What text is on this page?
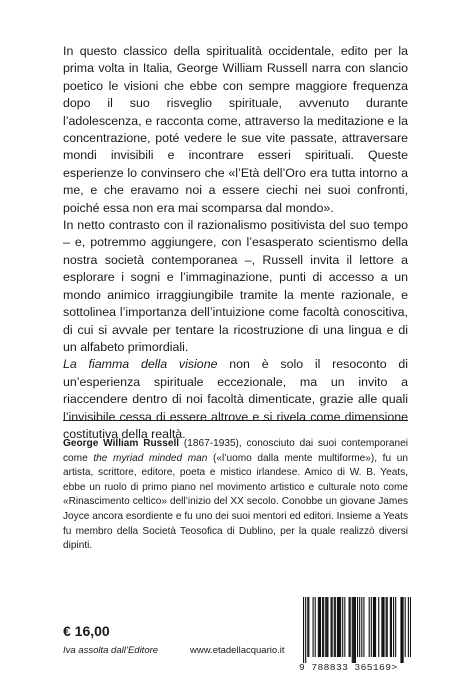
In questo classico della spiritualità occidentale, edito per la prima volta in Italia, George William Russell narra con slancio poetico le visioni che ebbe con sempre maggiore frequenza dopo il suo risveglio spirituale, avvenuto durante l’adolescenza, e racconta come, attraverso la meditazione e la concentrazione, poté vedere le sue vite passate, attraversare mondi invisibili e incontrare esseri spirituali. Queste esperienze lo convinsero che «l’Età dell’Oro era tutta intorno a me, e che eravamo noi a essere ciechi nei suoi confronti, poiché essa non era mai scomparsa dal mondo».

In netto contrasto con il razionalismo positivista del suo tempo – e, potremmo aggiungere, con l’esasperato scientismo della nostra società contemporanea –, Russell invita il lettore a esplorare i sogni e l’immaginazione, punti di accesso a un mondo animico irraggiungibile tramite la mente razionale, e sottolinea l’importanza dell’intuizione come facoltà conoscitiva, di cui si avvale per tentare la ricostruzione di una lingua e di un alfabeto primordiali.

La fiamma della visione non è solo il resoconto di un’esperienza spirituale eccezionale, ma un invito a riaccendere dentro di noi facoltà dimenticate, grazie alle quali l’invisibile cessa di essere altrove e si rivela come dimensione costitutiva della realtà.

George William Russell (1867-1935), conosciuto dai suoi contemporanei come the myriad minded man («l’uomo dalla mente multiforme»), fu un artista, scrittore, editore, poeta e mistico irlandese. Amico di W. B. Yeats, ebbe un ruolo di primo piano nel movimento artistico e culturale noto come «Rinascimento celtico» dell’inizio del XX secolo. Conobbe un giovane James Joyce ancora esordiente e fu uno dei suoi mentori ed editori. Insieme a Yeats fu membro della Società Teosofica di Dublino, per la quale realizzò diversi dipinti.

€ 16,00
Iva assolta dall’Editore	www.etadellacquario.it
9 788833 365169>
